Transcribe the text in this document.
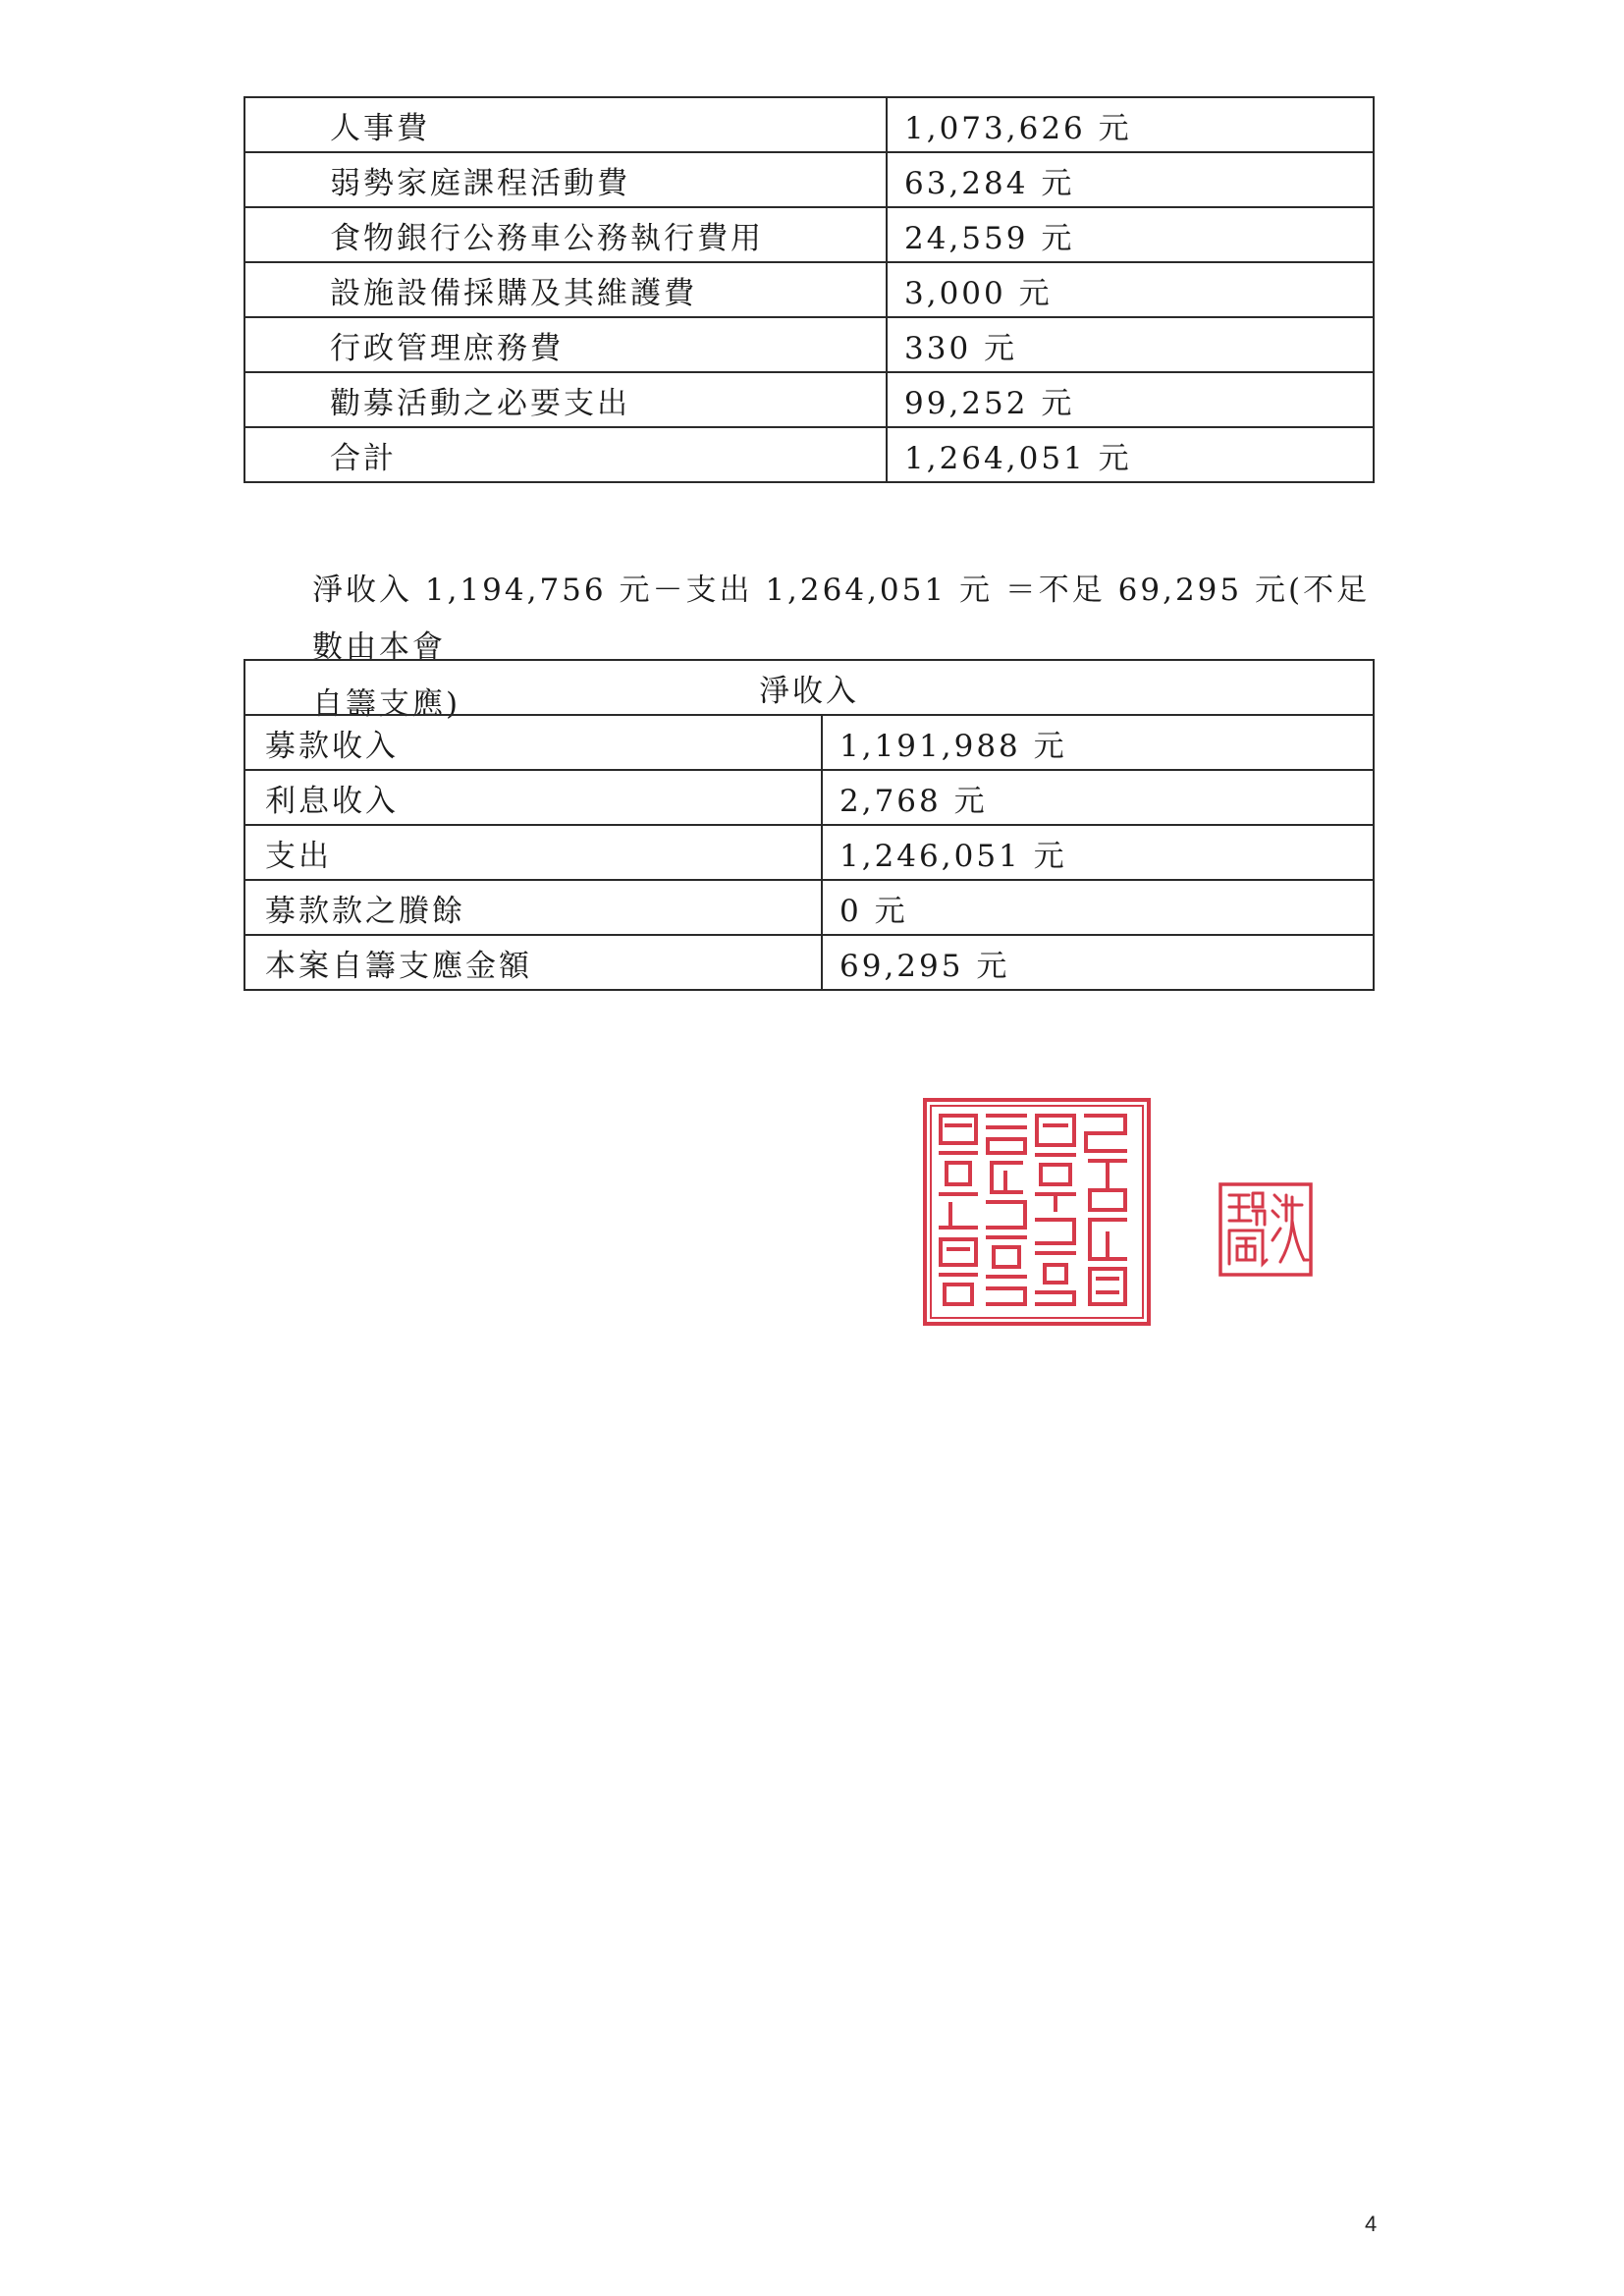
人事費	1,073,626 元
弱勢家庭課程活動費	63,284 元
食物銀行公務車公務執行費用	24,559 元
設施設備採購及其維護費	3,000 元
行政管理庶務費	330 元
勸募活動之必要支出	99,252 元
合計	1,264,051 元
淨收入 1,194,756 元－支出 1,264,051 元 ＝不足 69,295 元(不足數由本會
自籌支應)	淨收入	
募款收入	1,191,988 元
利息收入	2,768 元
支出	1,246,051 元
募款款之賸餘	0 元
本案自籌支應金額	69,295 元
4
